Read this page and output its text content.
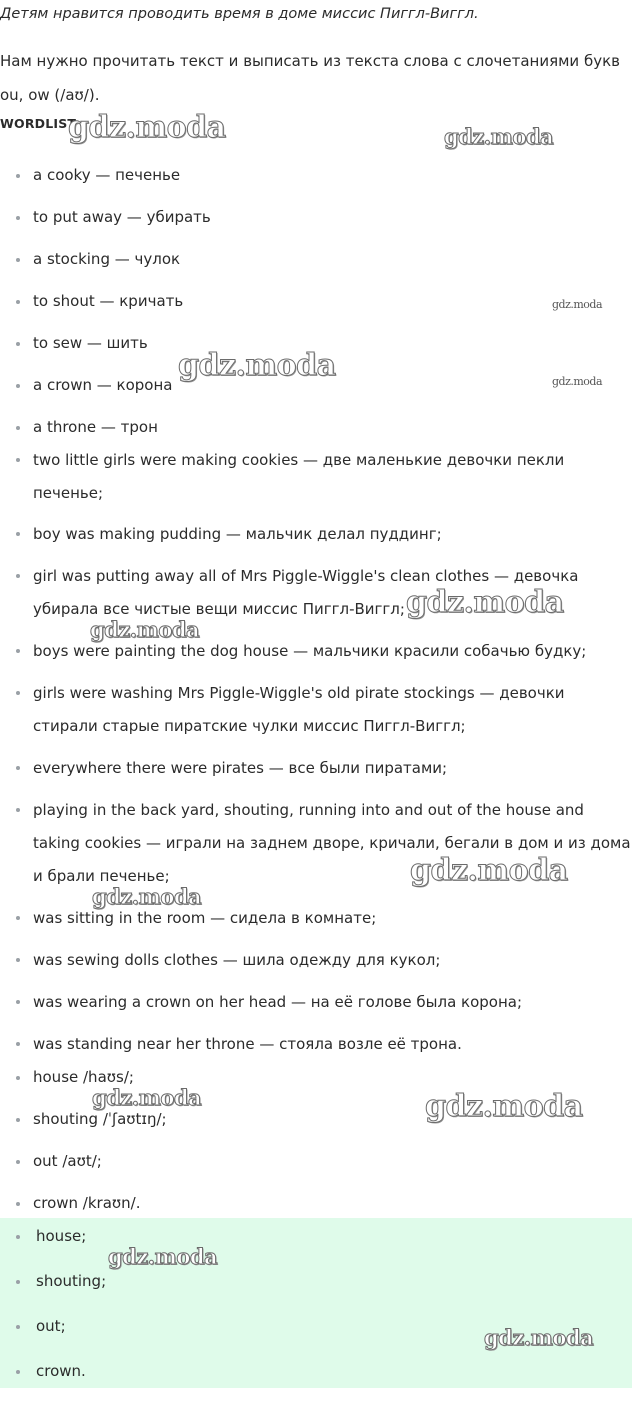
Детям нравится проводить время в доме миссис Пиггл-Виггл.
Нам нужно прочитать текст и выписать из текста слова с слочетаниями букв ou, ow (/aʊ/).
WORDLIST
a cooky — печенье
to put away — убирать
a stocking — чулок
to shout — кричать
to sew — шить
a crown — корона
a throne — трон
two little girls were making cookies — две маленькие девочки пекли печенье;
boy was making pudding — мальчик делал пуддинг;
girl was putting away all of Mrs Piggle-Wiggle's clean clothes — девочка убирала все чистые вещи миссис Пиггл-Виггл;
boys were painting the dog house — мальчики красили собачью будку;
girls were washing Mrs Piggle-Wiggle's old pirate stockings — девочки стирали старые пиратские чулки миссис Пиггл-Виггл;
everywhere there were pirates — все были пиратами;
playing in the back yard, shouting, running into and out of the house and taking cookies — играли на заднем дворе, кричали, бегали в дом и из дома и брали печенье;
was sitting in the room — сидела в комнате;
was sewing dolls clothes — шила одежду для кукол;
was wearing a crown on her head — на её голове была корона;
was standing near her throne — стояла возле её трона.
house /haʊs/;
shouting /ˈʃaʊtɪŋ/;
out /aʊt/;
crown /kraʊn/.
house;
shouting;
out;
crown.
gdz.moda	gdz.moda
gdz.moda
gdz.moda	gdz.moda
gdz.moda
gdz.moda
gdz.moda
gdz.moda
gdz.moda	gdz.moda
gdz.moda
gdz.moda
